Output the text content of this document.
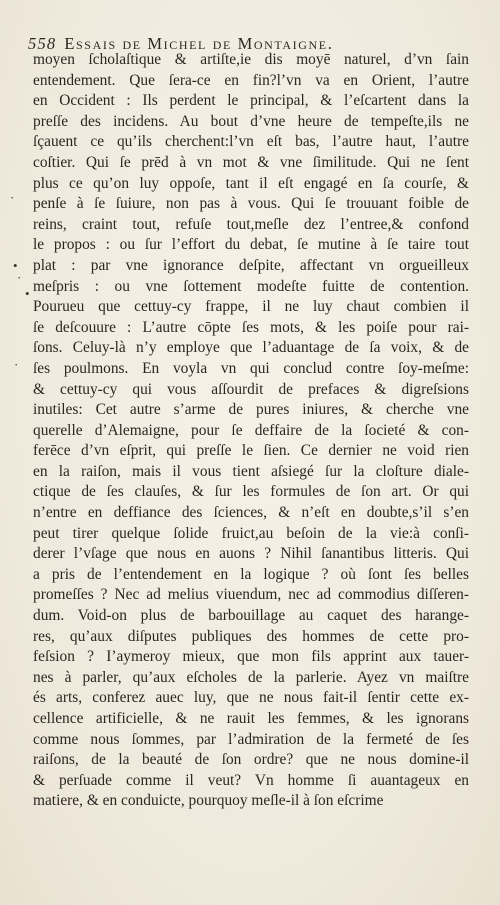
558 Essais de Michel de Montaigne.
·
•
·
•
·
moyen ſcholaſtique & artiſte,ie dis moyē naturel, d’vn ſain
entendement. Que ſera-ce en fin?l’vn va en Orient, l’autre
en Occident : Ils perdent le principal, & l’eſcartent dans la
preſſe des incidens. Au bout d’vne heure de tempeſte,ils ne
ſçauent ce qu’ils cherchent:l’vn eſt bas, l’autre haut, l’autre
coſtier. Qui ſe prēd à vn mot & vne ſimilitude. Qui ne ſent
plus ce qu’on luy oppoſe, tant il eſt engagé en ſa courſe, &
penſe à ſe ſuiure, non pas à vous. Qui ſe trouuant foible de
reins, craint tout, refuſe tout,meſle dez l’entree,& confond
le propos : ou ſur l’effort du debat, ſe mutine à ſe taire tout
plat : par vne ignorance deſpite, affectant vn orgueilleux
meſpris : ou vne ſottement modeſte fuitte de contention.
Pourueu que cettuy-cy frappe, il ne luy chaut combien il
ſe deſcouure : L’autre cōpte ſes mots, & les poiſe pour rai-
ſons. Celuy-là n’y employe que l’aduantage de ſa voix, & de
ſes poulmons. En voyla vn qui conclud contre ſoy-meſme:
& cettuy-cy qui vous aſſourdit de prefaces & digreſsions
inutiles: Cet autre s’arme de pures iniures, & cherche vne
querelle d’Alemaigne, pour ſe deffaire de la ſocieté & con-
ferēce d’vn eſprit, qui preſſe le ſien. Ce dernier ne void rien
en la raiſon, mais il vous tient aſsiegé ſur la cloſture diale-
ctique de ſes clauſes, & ſur les formules de ſon art. Or qui
n’entre en deffiance des ſciences, & n’eſt en doubte,s’il s’en
peut tirer quelque ſolide fruict,au beſoin de la vie:à conſi-
derer l’vſage que nous en auons ? Nihil ſanantibus litteris. Qui
a pris de l’entendement en la logique ? où ſont ſes belles
promeſſes ? Nec ad melius viuendum, nec ad commodius diſſeren-
dum. Void-on plus de barbouillage au caquet des harange-
res, qu’aux diſputes publiques des hommes de cette pro-
feſsion ? I’aymeroy mieux, que mon fils apprint aux tauer-
nes à parler, qu’aux eſcholes de la parlerie. Ayez vn maiſtre
és arts, conferez auec luy, que ne nous fait-il ſentir cette ex-
cellence artificielle, & ne rauit les femmes, & les ignorans
comme nous ſommes, par l’admiration de la fermeté de ſes
raiſons, de la beauté de ſon ordre? que ne nous domine-il
& perſuade comme il veut? Vn homme ſi auantageux en
matiere, & en conduicte, pourquoy meſle-il à ſon eſcrime
